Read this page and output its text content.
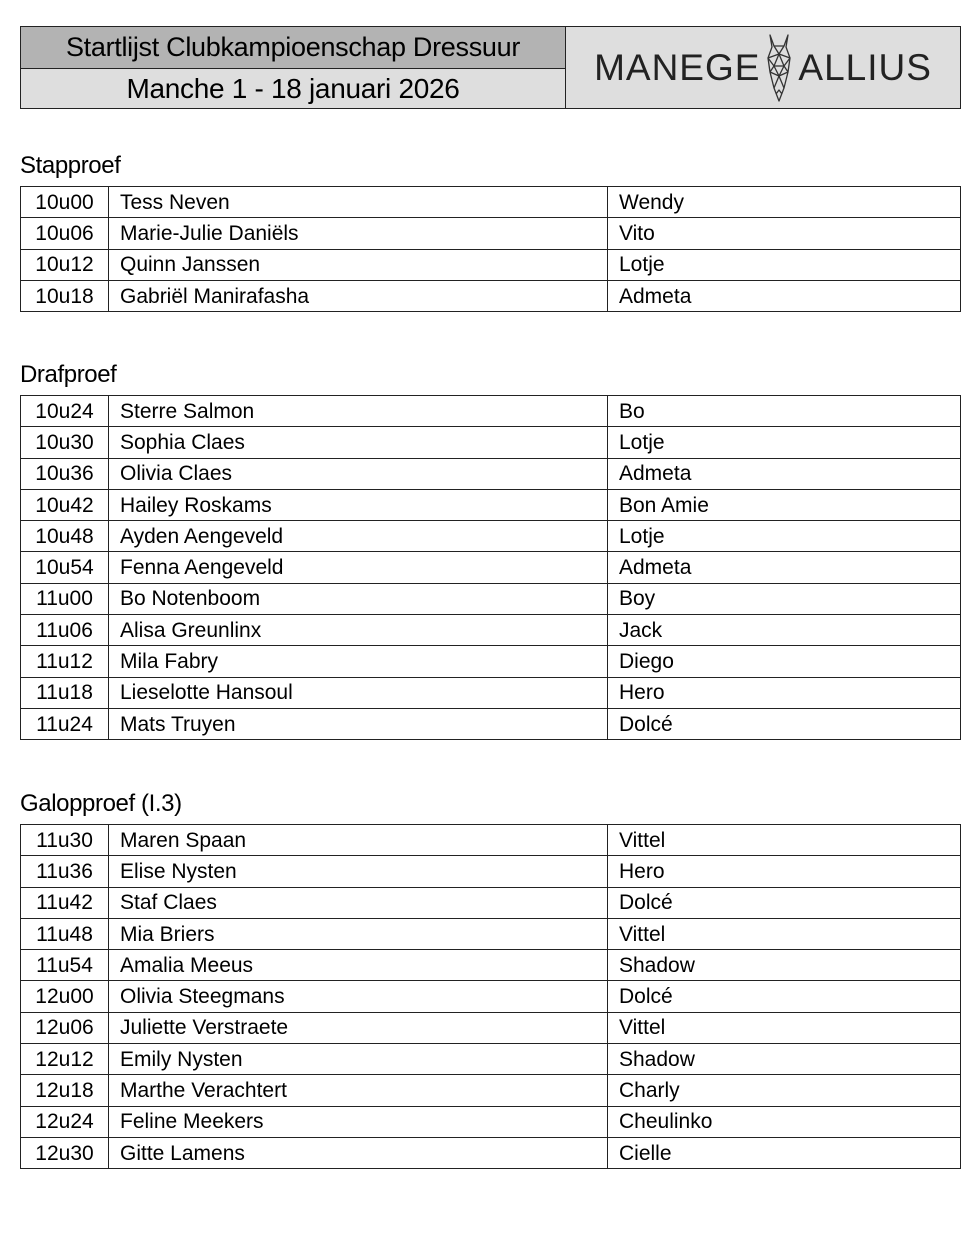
Startlijst Clubkampioenschap Dressuur
Manche 1 - 18 januari 2026
MANEGE ALLIUS
Stapproef
10u00	Tess Neven	Wendy
10u06	Marie-Julie Daniëls	Vito
10u12	Quinn Janssen	Lotje
10u18	Gabriël Manirafasha	Admeta
Drafproef
10u24	Sterre Salmon	Bo
10u30	Sophia Claes	Lotje
10u36	Olivia Claes	Admeta
10u42	Hailey Roskams	Bon Amie
10u48	Ayden Aengeveld	Lotje
10u54	Fenna Aengeveld	Admeta
11u00	Bo Notenboom	Boy
11u06	Alisa Greunlinx	Jack
11u12	Mila Fabry	Diego
11u18	Lieselotte Hansoul	Hero
11u24	Mats Truyen	Dolcé
Galopproef (I.3)
11u30	Maren Spaan	Vittel
11u36	Elise Nysten	Hero
11u42	Staf Claes	Dolcé
11u48	Mia Briers	Vittel
11u54	Amalia Meeus	Shadow
12u00	Olivia Steegmans	Dolcé
12u06	Juliette Verstraete	Vittel
12u12	Emily Nysten	Shadow
12u18	Marthe Verachtert	Charly
12u24	Feline Meekers	Cheulinko
12u30	Gitte Lamens	Cielle
